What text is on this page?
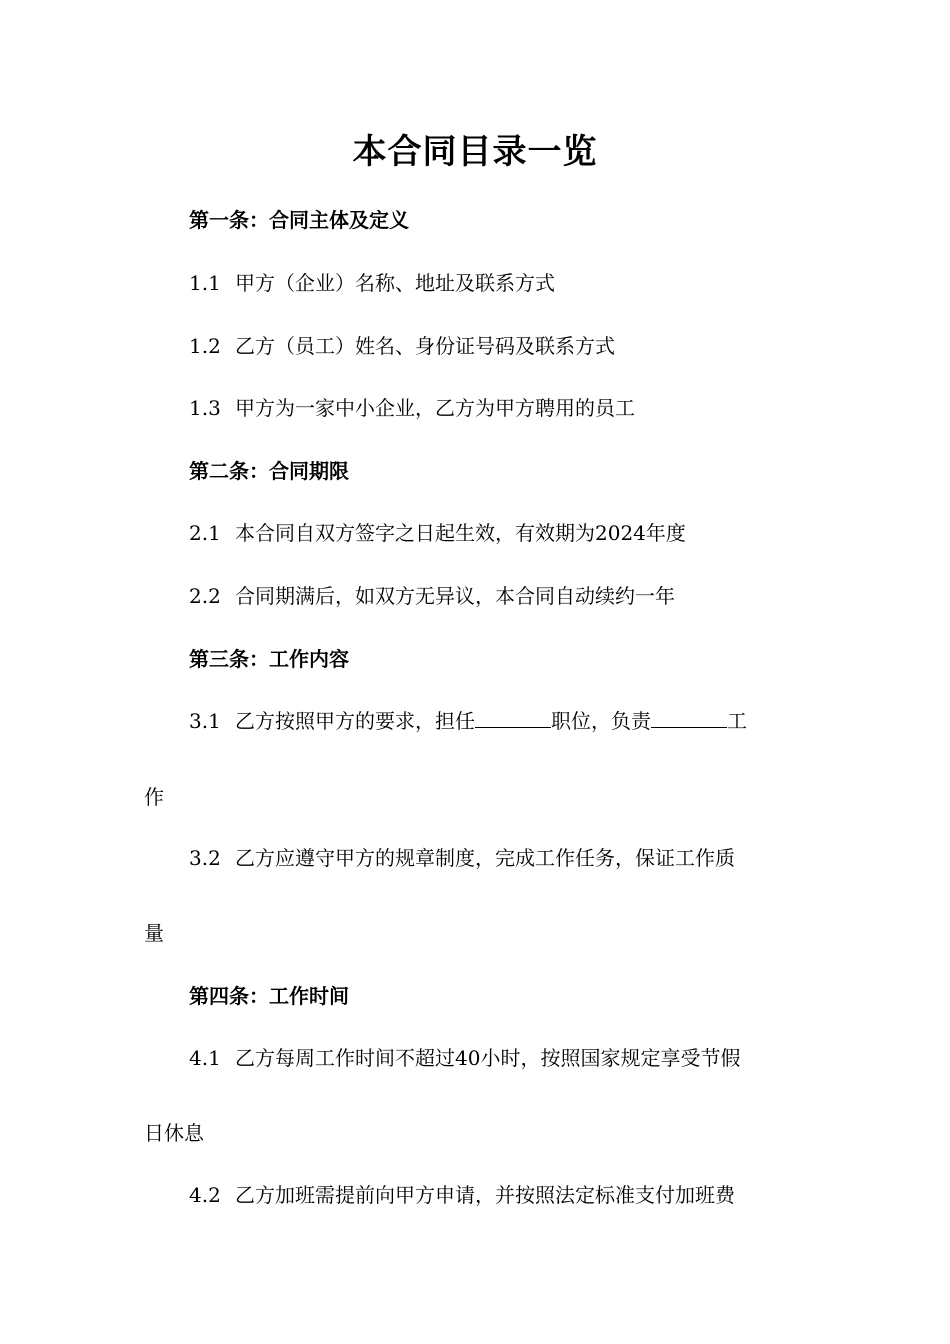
本合同目录一览
第一条：合同主体及定义
1.1 甲方（企业）名称、地址及联系方式
1.2 乙方（员工）姓名、身份证号码及联系方式
1.3 甲方为一家中小企业，乙方为甲方聘用的员工
第二条：合同期限
2.1 本合同自双方签字之日起生效，有效期为2024年度
2.2 合同期满后，如双方无异议，本合同自动续约一年
第三条：工作内容
3.1 乙方按照甲方的要求，担任	职位，负责	工
作
3.2 乙方应遵守甲方的规章制度，完成工作任务，保证工作质
量
第四条：工作时间
4.1 乙方每周工作时间不超过40小时，按照国家规定享受节假
日休息
4.2 乙方加班需提前向甲方申请，并按照法定标准支付加班费
